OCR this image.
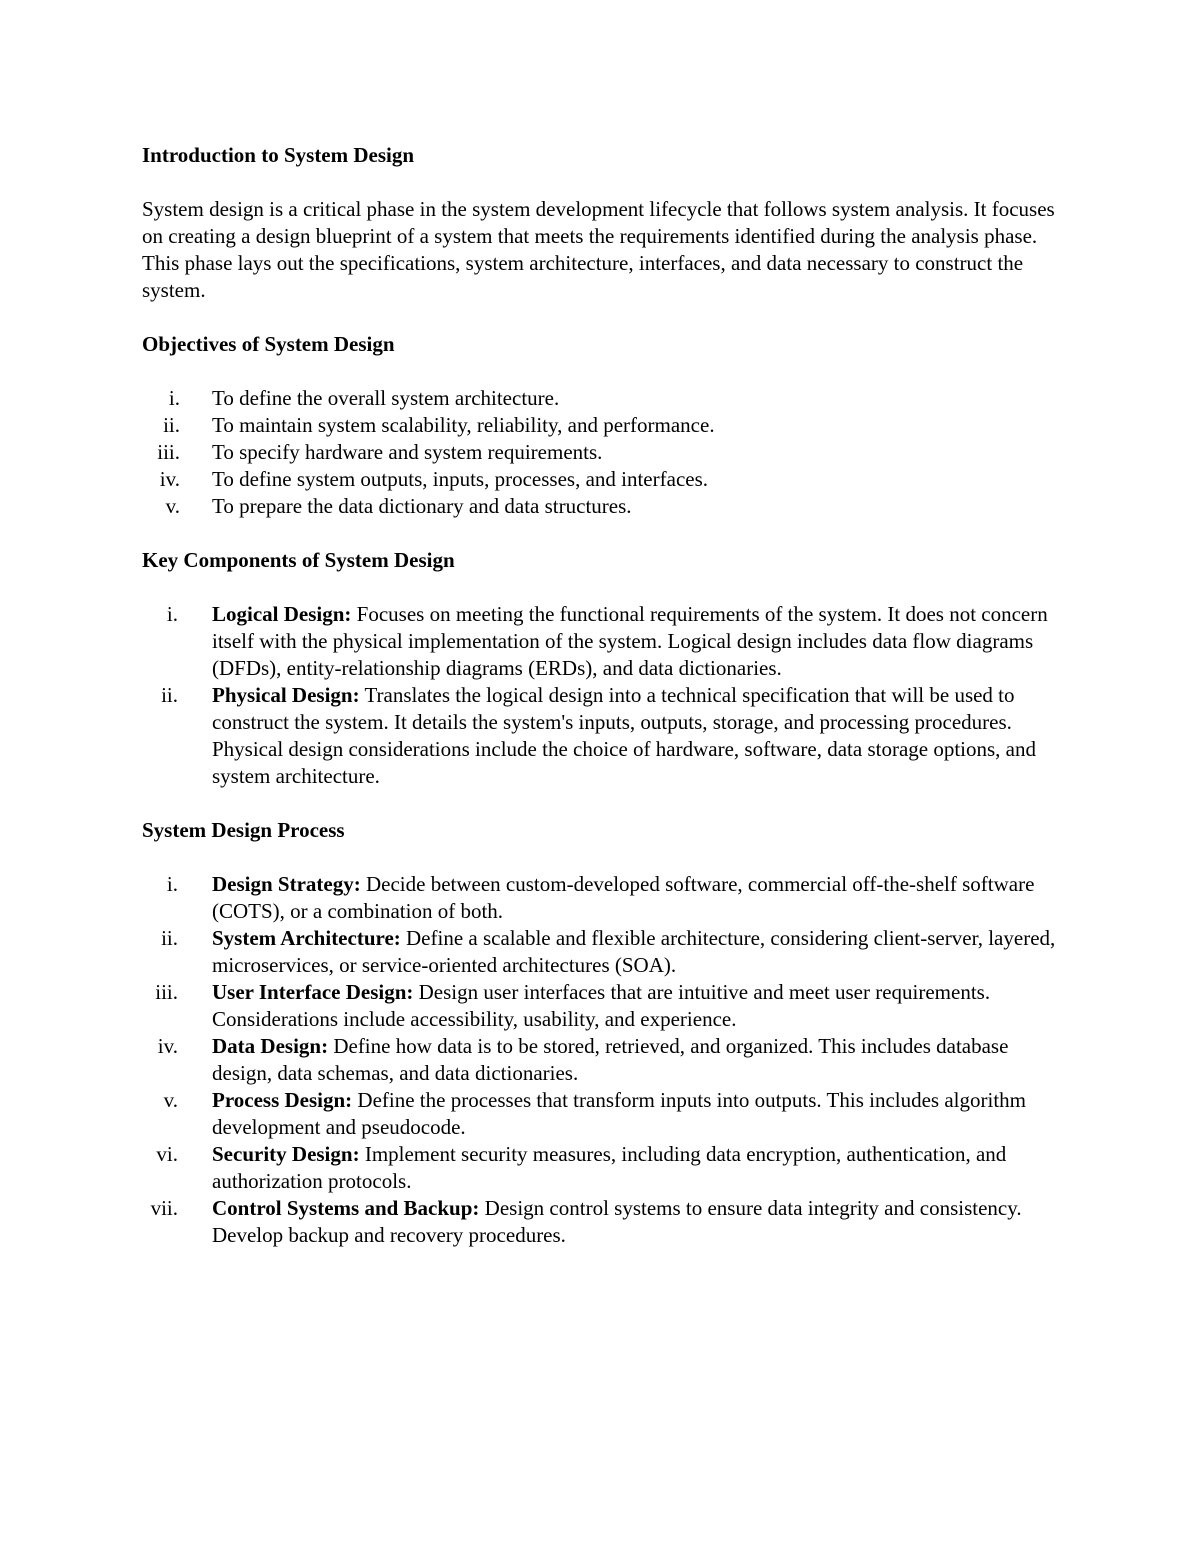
Introduction to System Design

System design is a critical phase in the system development lifecycle that follows system analysis. It focuses on creating a design blueprint of a system that meets the requirements identified during the analysis phase. This phase lays out the specifications, system architecture, interfaces, and data necessary to construct the system.

Objectives of System Design

i. To define the overall system architecture.
ii. To maintain system scalability, reliability, and performance.
iii. To specify hardware and system requirements.
iv. To define system outputs, inputs, processes, and interfaces.
v. To prepare the data dictionary and data structures.

Key Components of System Design

i. Logical Design: Focuses on meeting the functional requirements of the system. It does not concern itself with the physical implementation of the system. Logical design includes data flow diagrams (DFDs), entity-relationship diagrams (ERDs), and data dictionaries.
ii. Physical Design: Translates the logical design into a technical specification that will be used to construct the system. It details the system's inputs, outputs, storage, and processing procedures. Physical design considerations include the choice of hardware, software, data storage options, and system architecture.

System Design Process

i. Design Strategy: Decide between custom-developed software, commercial off-the-shelf software (COTS), or a combination of both.
ii. System Architecture: Define a scalable and flexible architecture, considering client-server, layered, microservices, or service-oriented architectures (SOA).
iii. User Interface Design: Design user interfaces that are intuitive and meet user requirements. Considerations include accessibility, usability, and experience.
iv. Data Design: Define how data is to be stored, retrieved, and organized. This includes database design, data schemas, and data dictionaries.
v. Process Design: Define the processes that transform inputs into outputs. This includes algorithm development and pseudocode.
vi. Security Design: Implement security measures, including data encryption, authentication, and authorization protocols.
vii. Control Systems and Backup: Design control systems to ensure data integrity and consistency. Develop backup and recovery procedures.
